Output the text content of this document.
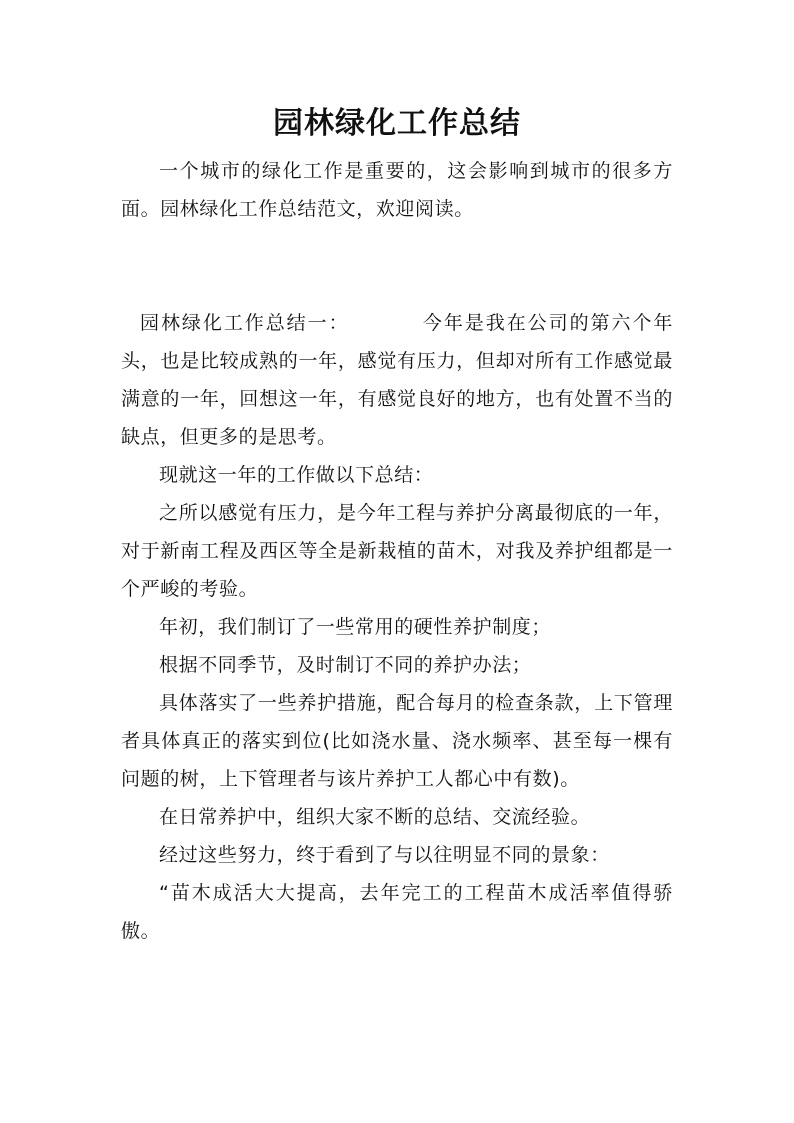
园林绿化工作总结

一个城市的绿化工作是重要的，这会影响到城市的很多方面。园林绿化工作总结范文，欢迎阅读。

园林绿化工作总结一：	今年是我在公司的第六个年头，也是比较成熟的一年，感觉有压力，但却对所有工作感觉最满意的一年，回想这一年，有感觉良好的地方，也有处置不当的缺点，但更多的是思考。

现就这一年的工作做以下总结：

之所以感觉有压力，是今年工程与养护分离最彻底的一年，对于新南工程及西区等全是新栽植的苗木，对我及养护组都是一个严峻的考验。

年初，我们制订了一些常用的硬性养护制度；

根据不同季节，及时制订不同的养护办法；

具体落实了一些养护措施，配合每月的检查条款，上下管理者具体真正的落实到位(比如浇水量、浇水频率、甚至每一棵有问题的树，上下管理者与该片养护工人都心中有数)。

在日常养护中，组织大家不断的总结、交流经验。

经过这些努力，终于看到了与以往明显不同的景象：

“苗木成活大大提高，去年完工的工程苗木成活率值得骄傲。
